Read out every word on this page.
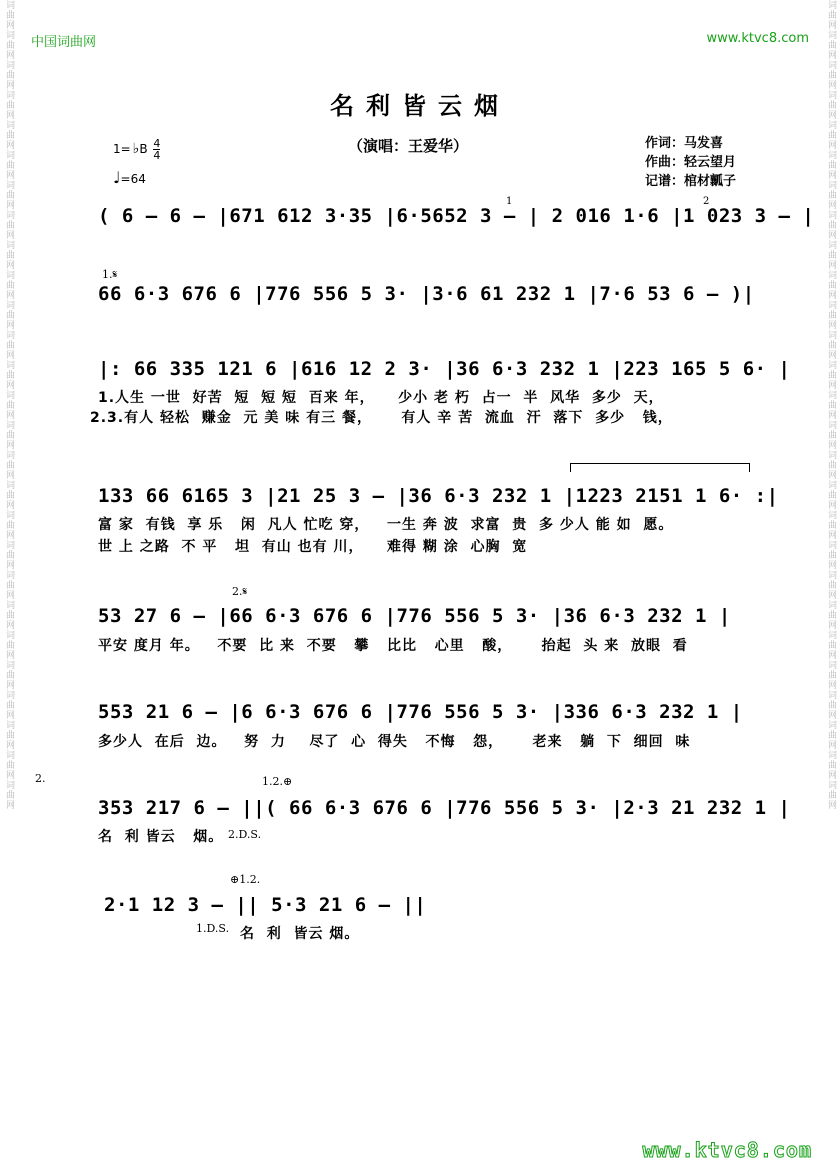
词曲网词曲网词曲网词曲网词曲网词曲网词曲网词曲网词曲网词曲网词曲网词曲网词曲网词曲网词曲网词曲网词曲网词曲网词曲网词曲网词曲网词曲网词曲网词曲网词曲网词曲网词曲网	词曲网词曲网词曲网词曲网词曲网词曲网词曲网词曲网词曲网词曲网词曲网词曲网词曲网词曲网词曲网词曲网词曲网词曲网词曲网词曲网词曲网词曲网词曲网词曲网词曲网词曲网词曲网
中国词曲网	www.ktvc8.com
名利皆云烟
（演唱：王爱华）	作词：马发喜
作曲：轻云望月
记谱：棺材瓤子
1= ♭B $\frac{4}{4}$
♩=64
( 6 – 6 – |671 612 3·35 |6·5652 3 – | 2 016 1·6 |1 023 3 – |
1	2
1.𝄋
66 6·3 676 6 |776 556 5 3· |3·6 61 232 1 |7·6 53 6 – )|
|: 66 335 121 6 |616 12 2 3· |36 6·3 232 1 |223 165 5 6· |
1.人生 一世  好苦  短  短 短  百来 年，    少小 老 朽  占一  半  风华  多少  天，
2.3.有人 轻松  赚金  元 美 味 有三 餐，     有人 辛 苦  流血  汗  落下  多少   钱，
133 66 6165 3 |21 25 3 – |36 6·3 232 1 |1223 2151 1 6· :|
富 家  有钱  享 乐   闲  凡人 忙吃 穿，   一生 奔 波  求富  贵  多 少人 能 如  愿。
世 上 之路  不 平   坦  有山 也有 川，    难得 糊 涂  心胸  宽
2.𝄋
53 27 6 – |66 6·3 676 6 |776 556 5 3· |36 6·3 232 1 |
平安 度月 年。   不要  比 来  不要   攀   比比   心里   酸，     抬起  头 来  放眼  看
553 21 6 – |6 6·3 676 6 |776 556 5 3· |336 6·3 232 1 |
多少人  在后  边。   努  力    尽了  心  得失   不悔   怨，     老来   躺  下  细回  味
2.	1.2.⊕
353 217 6 – ||( 66 6·3 676 6 |776 556 5 3· |2·3 21 232 1 |
名  利 皆云   烟。 2.D.S.
⊕1.2.
2·1 12 3 – || 5·3 21 6 – ||
1.D.S. 名  利  皆云 烟。
www.ktvc8.com
